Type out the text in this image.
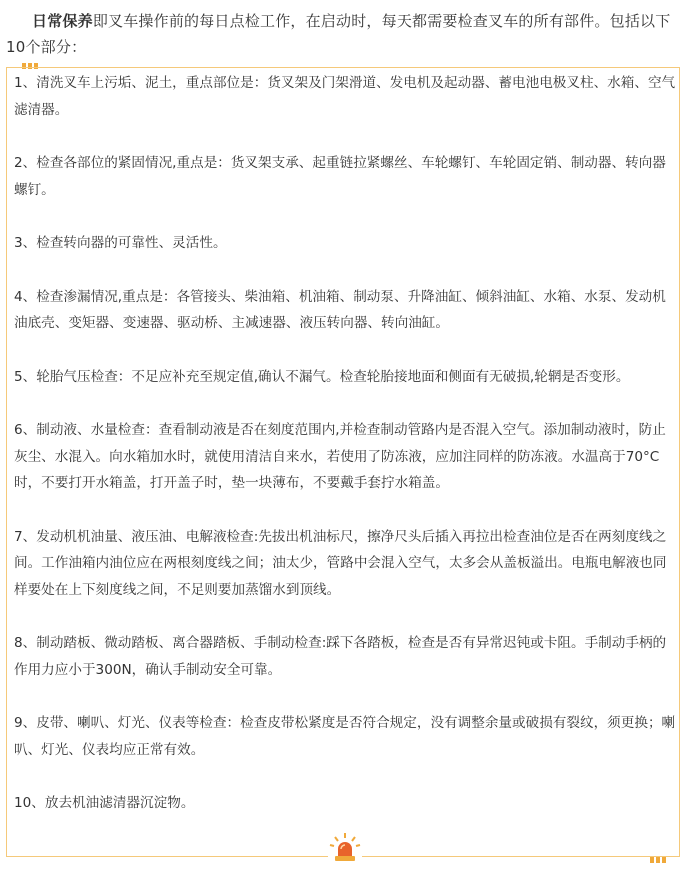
日常保养即叉车操作前的每日点检工作，在启动时，每天都需要检查叉车的所有部件。包括以下10个部分：

1、清洗叉车上污垢、泥土，重点部位是：货叉架及门架滑道、发电机及起动器、蓄电池电极叉柱、水箱、空气滤清器。

2、检查各部位的紧固情况,重点是：货叉架支承、起重链拉紧螺丝、车轮螺钉、车轮固定销、制动器、转向器螺钉。

3、检查转向器的可靠性、灵活性。

4、检查渗漏情况,重点是：各管接头、柴油箱、机油箱、制动泵、升降油缸、倾斜油缸、水箱、水泵、发动机油底壳、变矩器、变速器、驱动桥、主减速器、液压转向器、转向油缸。

5、轮胎气压检查：不足应补充至规定值,确认不漏气。检查轮胎接地面和侧面有无破损,轮辋是否变形。

6、制动液、水量检查：查看制动液是否在刻度范围内,并检查制动管路内是否混入空气。添加制动液时，防止灰尘、水混入。向水箱加水时，就使用清洁自来水，若使用了防冻液，应加注同样的防冻液。水温高于70°C时，不要打开水箱盖，打开盖子时，垫一块薄布，不要戴手套拧水箱盖。

7、发动机机油量、液压油、电解液检查:先拔出机油标尺，擦净尺头后插入再拉出检查油位是否在两刻度线之间。工作油箱内油位应在两根刻度线之间；油太少，管路中会混入空气，太多会从盖板溢出。电瓶电解液也同样要处在上下刻度线之间，不足则要加蒸馏水到顶线。

8、制动踏板、微动踏板、离合器踏板、手制动检查:踩下各踏板，检查是否有异常迟钝或卡阻。手制动手柄的作用力应小于300N，确认手制动安全可靠。

9、皮带、喇叭、灯光、仪表等检查：检查皮带松紧度是否符合规定，没有调整余量或破损有裂纹，须更换；喇叭、灯光、仪表均应正常有效。

10、放去机油滤清器沉淀物。
